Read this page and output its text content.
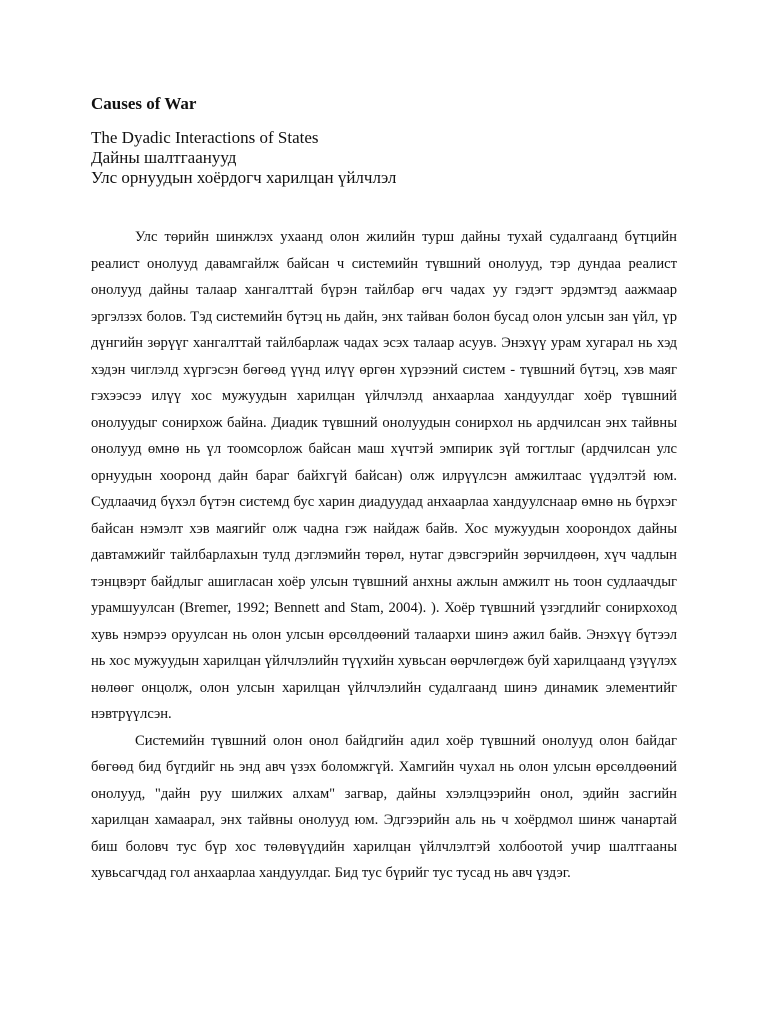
Causes of War
The Dyadic Interactions of States
Дайны шалтгаанууд
Улс орнуудын хоёрдогч харилцан үйлчлэл

Улс төрийн шинжлэх ухаанд олон жилийн турш дайны тухай судалгаанд бүтцийн реалист онолууд давамгайлж байсан ч системийн түвшний онолууд, тэр дундаа реалист онолууд дайны талаар хангалттай бүрэн тайлбар өгч чадах уу гэдэгт эрдэмтэд аажмаар эргэлзэх болов. Тэд системийн бүтэц нь дайн, энх тайван болон бусад олон улсын зан үйл, үр дүнгийн зөрүүг хангалттай тайлбарлаж чадах эсэх талаар асуув. Энэхүү урам хугарал нь хэд хэдэн чиглэлд хүргэсэн бөгөөд үүнд илүү өргөн хүрээний систем - түвшний бүтэц, хэв маяг гэхээсээ илүү хос мужуудын харилцан үйлчлэлд анхаарлаа хандуулдаг хоёр түвшний онолуудыг сонирхож байна. Диадик түвшний онолуудын сонирхол нь ардчилсан энх тайвны онолууд өмнө нь үл тоомсорлож байсан маш хүчтэй эмпирик зүй тогтлыг (ардчилсан улс орнуудын хооронд дайн бараг байхгүй байсан) олж илрүүлсэн амжилтаас үүдэлтэй юм. Судлаачид бүхэл бүтэн системд бус харин диадуудад анхаарлаа хандуулснаар өмнө нь бүрхэг байсан нэмэлт хэв маягийг олж чадна гэж найдаж байв. Хос мужуудын хоорондох дайны давтамжийг тайлбарлахын тулд дэглэмийн төрөл, нутаг дэвсгэрийн зөрчилдөөн, хүч чадлын тэнцвэрт байдлыг ашигласан хоёр улсын түвшний анхны ажлын амжилт нь тоон судлаачдыг урамшуулсан (Bremer, 1992; Bennett and Stam, 2004). ). Хоёр түвшний үзэгдлийг сонирхоход хувь нэмрээ оруулсан нь олон улсын өрсөлдөөний талаархи шинэ ажил байв. Энэхүү бүтээл нь хос мужуудын харилцан үйлчлэлийн түүхийн хувьсан өөрчлөгдөж буй харилцаанд үзүүлэх нөлөөг онцолж, олон улсын харилцан үйлчлэлийн судалгаанд шинэ динамик элементийг нэвтрүүлсэн.

Системийн түвшний олон онол байдгийн адил хоёр түвшний онолууд олон байдаг бөгөөд бид бүгдийг нь энд авч үзэх боломжгүй. Хамгийн чухал нь олон улсын өрсөлдөөний онолууд, "дайн руу шилжих алхам" загвар, дайны хэлэлцээрийн онол, эдийн засгийн харилцан хамаарал, энх тайвны онолууд юм. Эдгээрийн аль нь ч хоёрдмол шинж чанартай биш боловч тус бүр хос төлөвүүдийн харилцан үйлчлэлтэй холбоотой учир шалтгааны хувьсагчдад гол анхаарлаа хандуулдаг. Бид тус бүрийг тус тусад нь авч үздэг.
